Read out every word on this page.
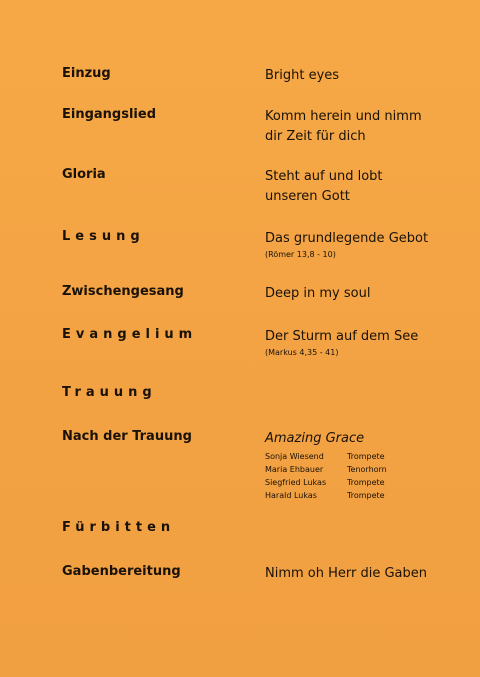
Einzug	Bright eyes
Eingangslied	Komm herein und nimm
dir Zeit für dich
Gloria	Steht auf und lobt
unseren Gott
Lesung	Das grundlegende Gebot
(Römer 13,8 - 10)
Zwischengesang	Deep in my soul
Evangelium	Der Sturm auf dem See
(Markus 4,35 - 41)
Trauung
Nach der Trauung	Amazing Grace
Sonja Wiesend	Trompete
Maria Ehbauer	Tenorhorn
Siegfried Lukas	Trompete
Harald Lukas	Trompete
Fürbitten
Gabenbereitung	Nimm oh Herr die Gaben
